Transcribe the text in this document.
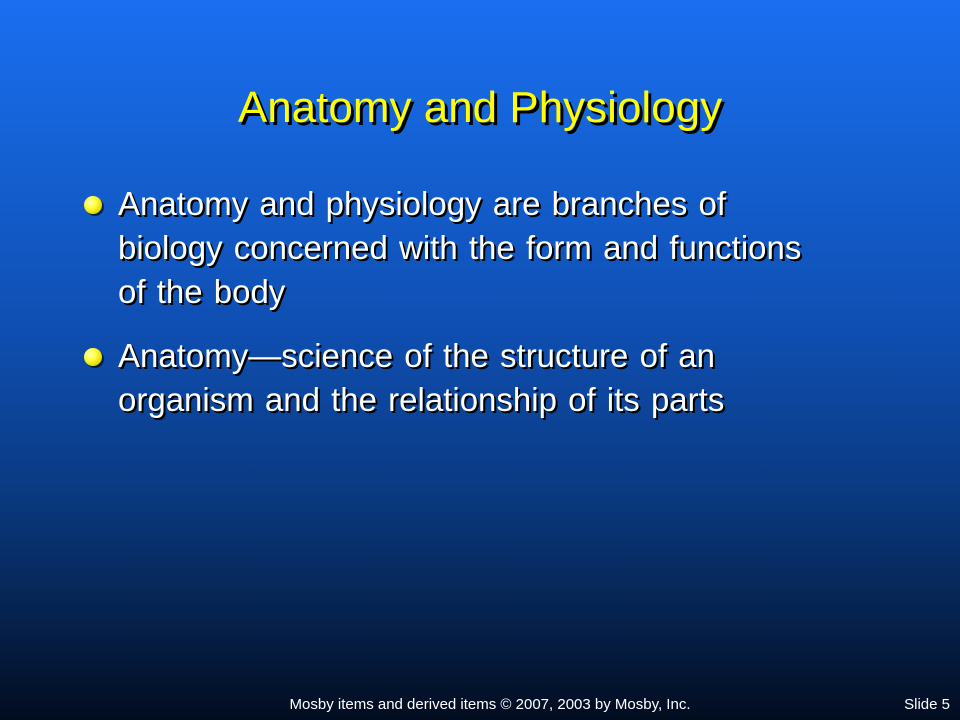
Anatomy and Physiology
Anatomy and physiology are branches of biology concerned with the form and functions of the body
Anatomy—science of the structure of an organism and the relationship of its parts
Mosby items and derived items © 2007, 2003 by Mosby, Inc.	Slide 5
